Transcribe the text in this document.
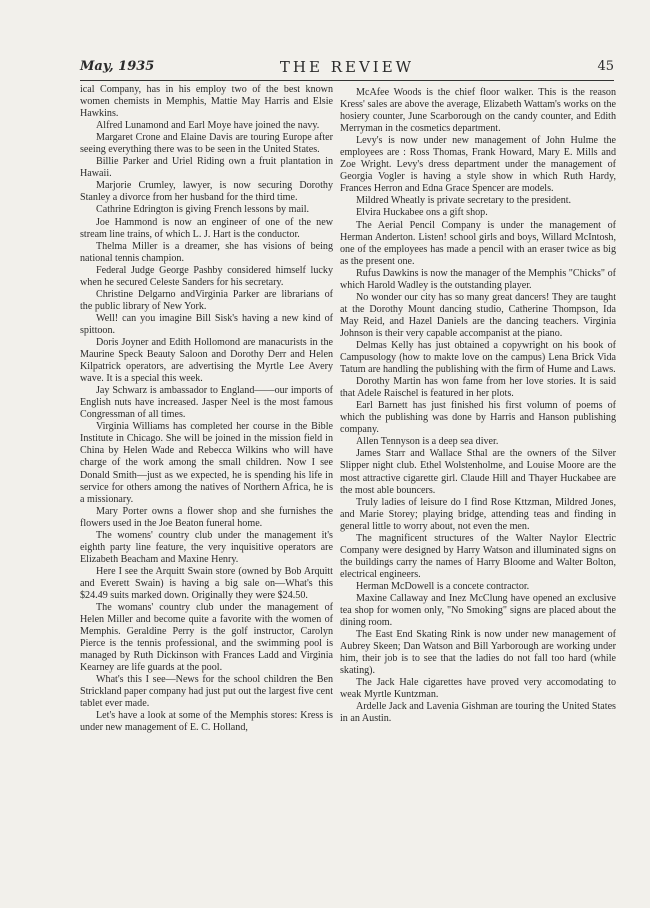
May, 1935	THE REVIEW	45

ical Company, has in his employ two of the best known women chemists in Memphis, Mattie May Harris and Elsie Hawkins.

Alfred Lunamond and Earl Moye have joined the navy.

Margaret Crone and Elaine Davis are touring Europe after seeing everything there was to be seen in the United States.

Billie Parker and Uriel Riding own a fruit plantation in Hawaii.

Marjorie Crumley, lawyer, is now securing Dorothy Stanley a divorce from her husband for the third time.

Cathrine Edrington is giving French lessons by mail.

Joe Hammond is now an engineer of one of the new stream line trains, of which L. J. Hart is the conductor.

Thelma Miller is a dreamer, she has visions of being national tennis champion.

Federal Judge George Pashby considered himself lucky when he secured Celeste Sanders for his secretary.

Christine Delgarno andVirginia Parker are librarians of the public library of New York.

Well! can you imagine Bill Sisk's having a new kind of spittoon.

Doris Joyner and Edith Hollomond are manacurists in the Maurine Speck Beauty Saloon and Dorothy Derr and Helen Kilpatrick operators, are advertising the Myrtle Lee Avery wave. It is a special this week.

Jay Schwarz is ambassador to England——our imports of English nuts have increased. Jasper Neel is the most famous Congressman of all times.

Virginia Williams has completed her course in the Bible Institute in Chicago. She will be joined in the mission field in China by Helen Wade and Rebecca Wilkins who will have charge of the work among the small children. Now I see Donald Smith—just as we expected, he is spending his life in service for others among the natives of Northern Africa, he is a missionary.

Mary Porter owns a flower shop and she furnishes the flowers used in the Joe Beaton funeral home.

The womens' country club under the management it's eighth party line feature, the very inquisitive operators are Elizabeth Beacham and Maxine Henry.

Here I see the Arquitt Swain store (owned by Bob Arquitt and Everett Swain) is having a big sale on—What's this $24.49 suits marked down. Originally they were $24.50.

The womans' country club under the management of Helen Miller and become quite a favorite with the women of Memphis. Geraldine Perry is the golf instructor, Carolyn Pierce is the tennis professional, and the swimming pool is managed by Ruth Dickinson with Frances Ladd and Virginia Kearney are life guards at the pool.

What's this I see—News for the school children the Ben Strickland paper company had just put out the largest five cent tablet ever made.

Let's have a look at some of the Memphis stores: Kress is under new management of E. C. Holland,

McAfee Woods is the chief floor walker. This is the reason Kress' sales are above the average, Elizabeth Wattam's works on the hosiery counter, June Scarborough on the candy counter, and Edith Merryman in the cosmetics department.

Levy's is now under new management of John Hulme the employees are : Ross Thomas, Frank Howard, Mary E. Mills and Zoe Wright. Levy's dress department under the management of Georgia Vogler is having a style show in which Ruth Hardy, Frances Herron and Edna Grace Spencer are models.

Mildred Wheatly is private secretary to the president.

Elvira Huckabee ons a gift shop.

The Aerial Pencil Company is under the management of Herman Anderton. Listen! school girls and boys, Willard McIntosh, one of the employees has made a pencil with an eraser twice as big as the present one.

Rufus Dawkins is now the manager of the Memphis "Chicks" of which Harold Wadley is the outstanding player.

No wonder our city has so many great dancers! They are taught at the Dorothy Mount dancing studio, Catherine Thompson, Ida May Reid, and Hazel Daniels are the dancing teachers. Virginia Johnson is their very capable accompanist at the piano.

Delmas Kelly has just obtained a copywright on his book of Campusology (how to makte love on the campus) Lena Brick Vida Tatum are handling the publishing with the firm of Hume and Laws.

Dorothy Martin has won fame from her love stories. It is said that Adele Raischel is featured in her plots.

Earl Barnett has just finished his first volumn of poems of which the publishing was done by Harris and Hanson publishing company.

Allen Tennyson is a deep sea diver.

James Starr and Wallace Sthal are the owners of the Silver Slipper night club. Ethel Wolstenholme, and Louise Moore are the most attractive cigarette girl. Claude Hill and Thayer Huckabee are the most able bouncers.

Truly ladies of leisure do I find Rose Kttzman, Mildred Jones, and Marie Storey; playing bridge, attending teas and finding in general little to worry about, not even the men.

The magnificent structures of the Walter Naylor Electric Company were designed by Harry Watson and illuminated signs on the buildings carry the names of Harry Bloome and Walter Bolton, electrical engineers.

Herman McDowell is a concete contractor.

Maxine Callaway and Inez McClung have opened an exclusive tea shop for women only, "No Smoking" signs are placed about the dining room.

The East End Skating Rink is now under new management of Aubrey Skeen; Dan Watson and Bill Yarborough are working under him, their job is to see that the ladies do not fall too hard (while skating).

The Jack Hale cigarettes have proved very accomodating to weak Myrtle Kuntzman.

Ardelle Jack and Lavenia Gishman are touring the United States in an Austin.
